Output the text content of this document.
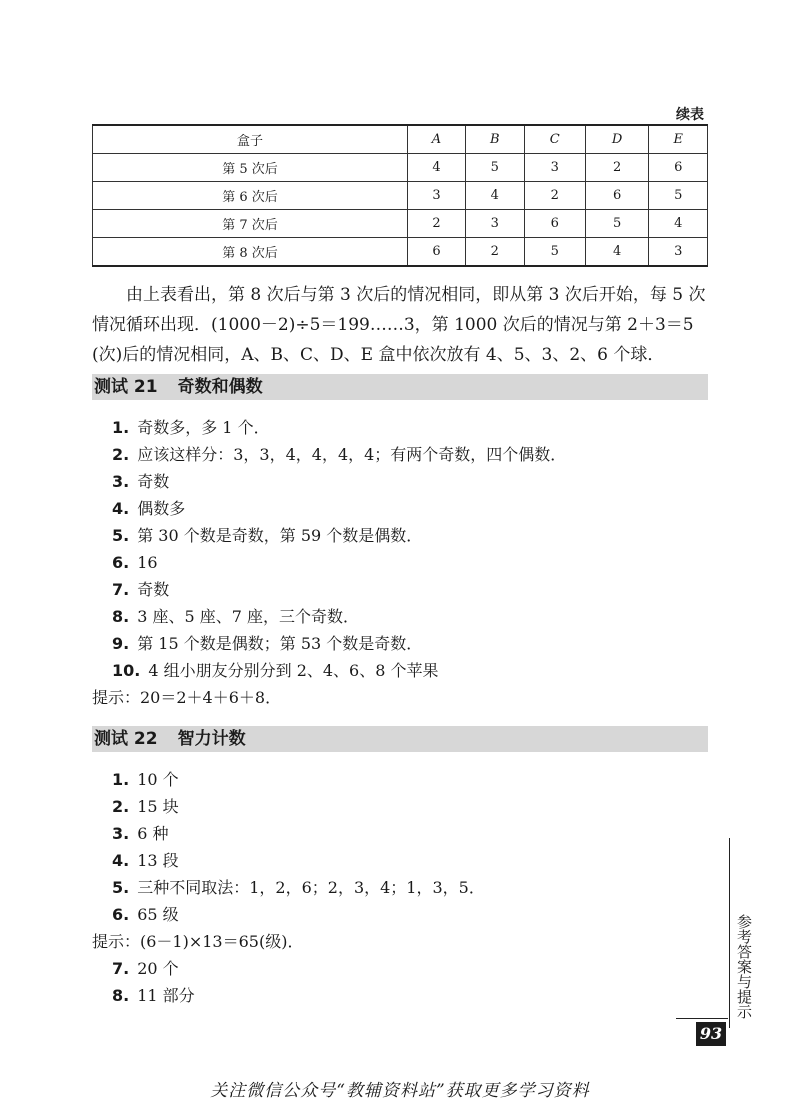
续表
盒子	A	B	C	D	E
第 5 次后	4	5	3	2	6
第 6 次后	3	4	2	6	5
第 7 次后	2	3	6	5	4
第 8 次后	6	2	5	4	3

由上表看出，第 8 次后与第 3 次后的情况相同，即从第 3 次后开始，每 5 次

情况循环出现．(1000－2)÷5＝199……3，第 1000 次后的情况与第 2＋3＝5

(次)后的情况相同，A、B、C、D、E 盒中依次放有 4、5、3、2、6 个球．

测试 21 奇数和偶数
1. 奇数多，多 1 个．
2. 应该这样分：3，3，4，4，4，4；有两个奇数，四个偶数．
3. 奇数
4. 偶数多
5. 第 30 个数是奇数，第 59 个数是偶数．
6. 16
7. 奇数
8. 3 座、5 座、7 座，三个奇数．
9. 第 15 个数是偶数；第 53 个数是奇数．
10. 4 组小朋友分别分到 2、4、6、8 个苹果
提示：20＝2＋4＋6＋8．
测试 22 智力计数
1. 10 个
2. 15 块
3. 6 种
4. 13 段
5. 三种不同取法：1，2，6；2，3，4；1，3，5．
6. 65 级
提示：(6－1)×13＝65(级)．
7. 20 个
8. 11 部分	参考答案与提示
93
关注微信公众号“教辅资料站”获取更多学习资料
